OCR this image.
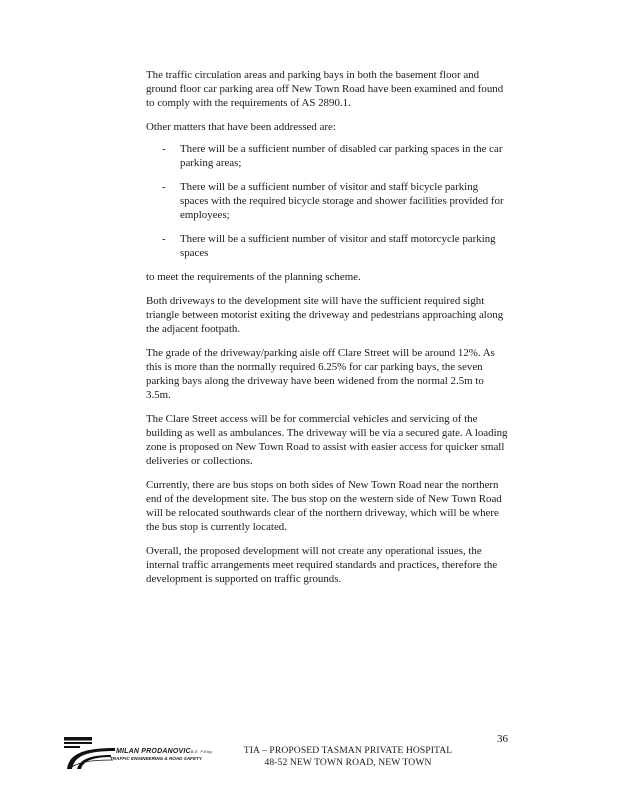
The traffic circulation areas and parking bays in both the basement floor and ground floor car parking area off New Town Road have been examined and found to comply with the requirements of AS 2890.1.

Other matters that have been addressed are:

- There will be a sufficient number of disabled car parking spaces in the car parking areas;
- There will be a sufficient number of visitor and staff bicycle parking spaces with the required bicycle storage and shower facilities provided for employees;
- There will be a sufficient number of visitor and staff motorcycle parking spaces

to meet the requirements of the planning scheme.

Both driveways to the development site will have the sufficient required sight triangle between motorist exiting the driveway and pedestrians approaching along the adjacent footpath.

The grade of the driveway/parking aisle off Clare Street will be around 12%. As this is more than the normally required 6.25% for car parking bays, the seven parking bays along the driveway have been widened from the normal 2.5m to 3.5m.

The Clare Street access will be for commercial vehicles and servicing of the building as well as ambulances. The driveway will be via a secured gate. A loading zone is proposed on New Town Road to assist with easier access for quicker small deliveries or collections.

Currently, there are bus stops on both sides of New Town Road near the northern end of the development site. The bus stop on the western side of New Town Road will be relocated southwards clear of the northern driveway, which will be where the bus stop is currently located.

Overall, the proposed development will not create any operational issues, the internal traffic arrangements meet required standards and practices, therefore the development is supported on traffic grounds.

36
MILAN PRODANOVICB.E. P.Eng.
TRAFFIC ENGINEERING & ROAD SAFETY
TIA – PROPOSED TASMAN PRIVATE HOSPITAL
48-52 NEW TOWN ROAD, NEW TOWN
